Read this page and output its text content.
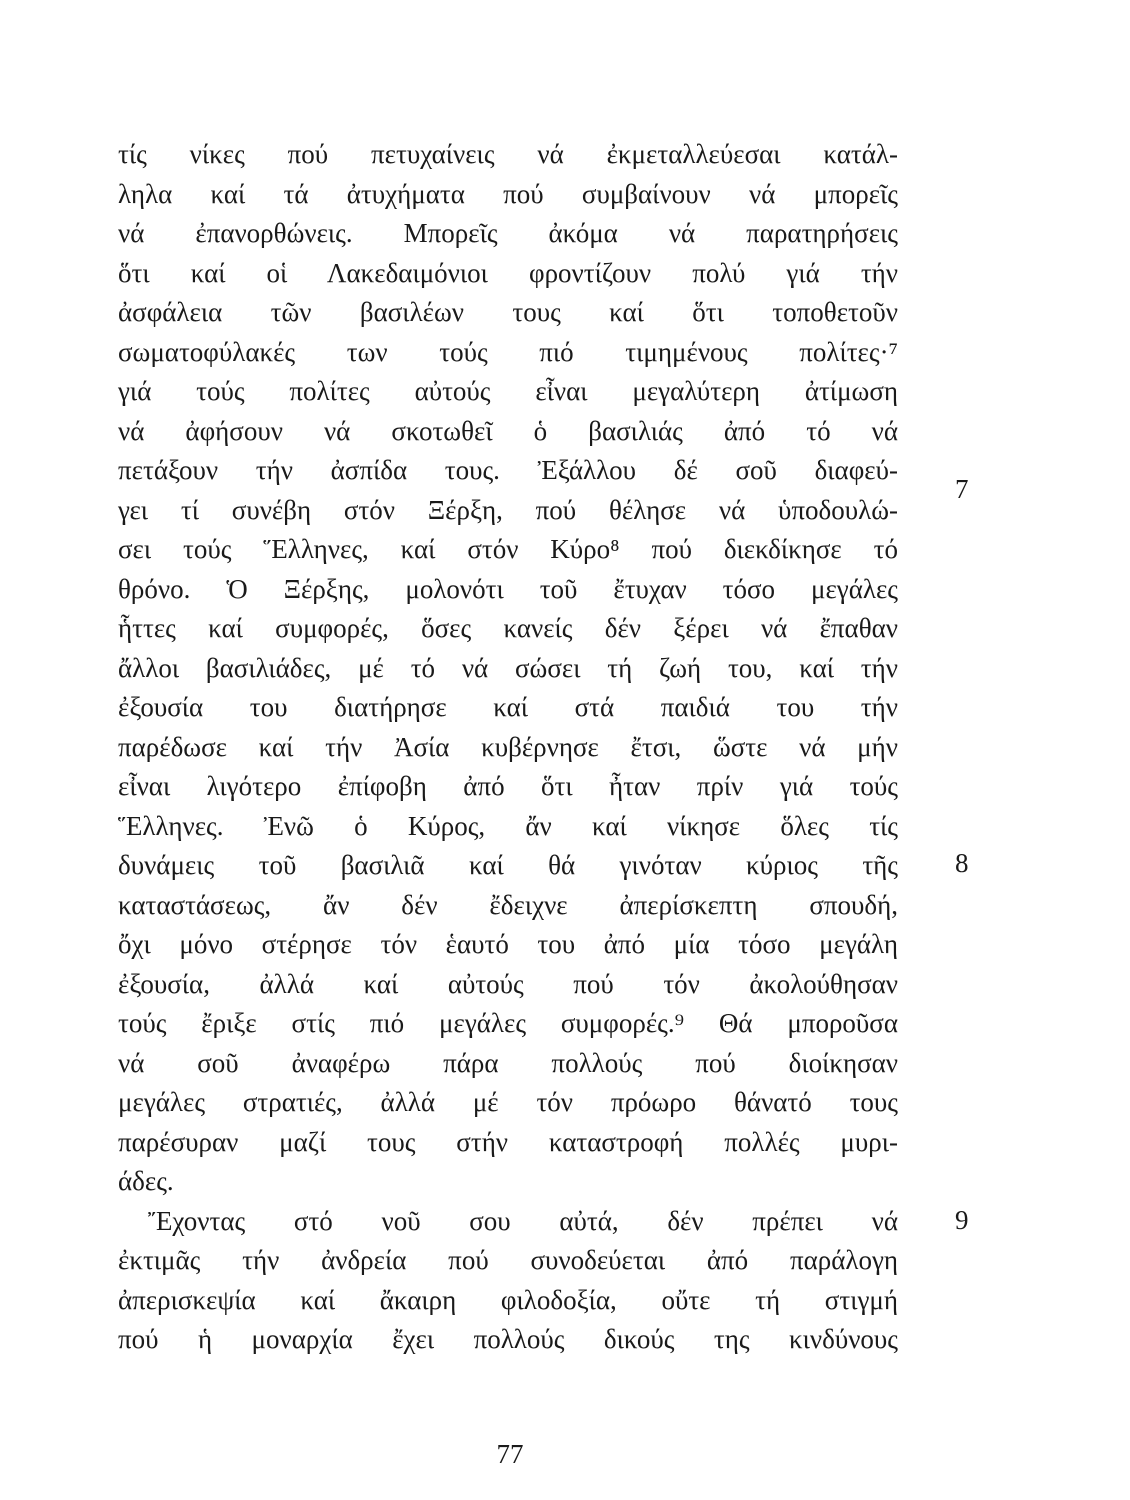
τίς νίκες πού πετυχαίνεις νά ἐκμεταλλεύεσαι κατάλ-
ληλα καί τά ἀτυχήματα πού συμβαίνουν νά μπορεῖς
νά ἐπανορθώνεις. Μπορεῖς ἀκόμα νά παρατηρήσεις
ὅτι καί οἱ Λακεδαιμόνιοι φροντίζουν πολύ γιά τήν
ἀσφάλεια τῶν βασιλέων τους καί ὅτι τοποθετοῦν
σωματοφύλακές των τούς πιό τιμημένους πολίτες·⁷
γιά τούς πολίτες αὐτούς εἶναι μεγαλύτερη ἀτίμωση
νά ἀφήσουν νά σκοτωθεῖ ὁ βασιλιάς ἀπό τό νά
πετάξουν τήν ἀσπίδα τους. Ἐξάλλου δέ σοῦ διαφεύ-
γει τί συνέβη στόν Ξέρξη, πού θέλησε νά ὑποδουλώ-
σει τούς Ἕλληνες, καί στόν Κύρο⁸ πού διεκδίκησε τό
θρόνο. Ὁ Ξέρξης, μολονότι τοῦ ἔτυχαν τόσο μεγάλες
ἧττες καί συμφορές, ὅσες κανείς δέν ξέρει νά ἔπαθαν
ἄλλοι βασιλιάδες, μέ τό νά σώσει τή ζωή του, καί τήν
ἐξουσία του διατήρησε καί στά παιδιά του τήν
παρέδωσε καί τήν Ἀσία κυβέρνησε ἔτσι, ὥστε νά μήν
εἶναι λιγότερο ἐπίφοβη ἀπό ὅτι ἦταν πρίν γιά τούς
Ἕλληνες. Ἐνῶ ὁ Κύρος, ἄν καί νίκησε ὅλες τίς
δυνάμεις τοῦ βασιλιᾶ καί θά γινόταν κύριος τῆς
καταστάσεως, ἄν δέν ἔδειχνε ἀπερίσκεπτη σπουδή,
ὄχι μόνο στέρησε τόν ἑαυτό του ἀπό μία τόσο μεγάλη
ἐξουσία, ἀλλά καί αὐτούς πού τόν ἀκολούθησαν
τούς ἔριξε στίς πιό μεγάλες συμφορές.⁹ Θά μποροῦσα
νά σοῦ ἀναφέρω πάρα πολλούς πού διοίκησαν
μεγάλες στρατιές, ἀλλά μέ τόν πρόωρο θάνατό τους
παρέσυραν μαζί τους στήν καταστροφή πολλές μυρι-
άδες.
Ἔχοντας στό νοῦ σου αὐτά, δέν πρέπει νά
ἐκτιμᾶς τήν ἀνδρεία πού συνοδεύεται ἀπό παράλογη
ἀπερισκεψία καί ἄκαιρη φιλοδοξία, οὔτε τή στιγμή
πού ἡ μοναρχία ἔχει πολλούς δικούς της κινδύνους
7
8
9
77
